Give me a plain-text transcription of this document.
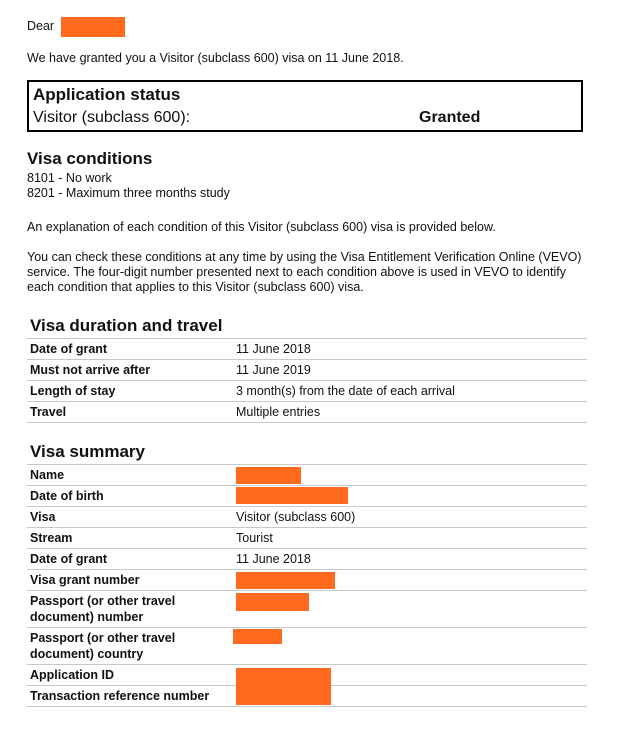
Dear
We have granted you a Visitor (subclass 600) visa on 11 June 2018.
Application status
Visitor (subclass 600):	Granted
Visa conditions
8101 - No work
8201 - Maximum three months study
An explanation of each condition of this Visitor (subclass 600) visa is provided below.
You can check these conditions at any time by using the Visa Entitlement Verification Online (VEVO) service. The four-digit number presented next to each condition above is used in VEVO to identify each condition that applies to this Visitor (subclass 600) visa.
Visa duration and travel
Date of grant	11 June 2018
Must not arrive after	11 June 2019
Length of stay	3 month(s) from the date of each arrival
Travel	Multiple entries
Visa summary
Name	
Date of birth	
Visa	Visitor (subclass 600)
Stream	Tourist
Date of grant	11 June 2018
Visa grant number	
Passport (or other travel document) number	
Passport (or other travel document) country	
Application ID	
Transaction reference number	
